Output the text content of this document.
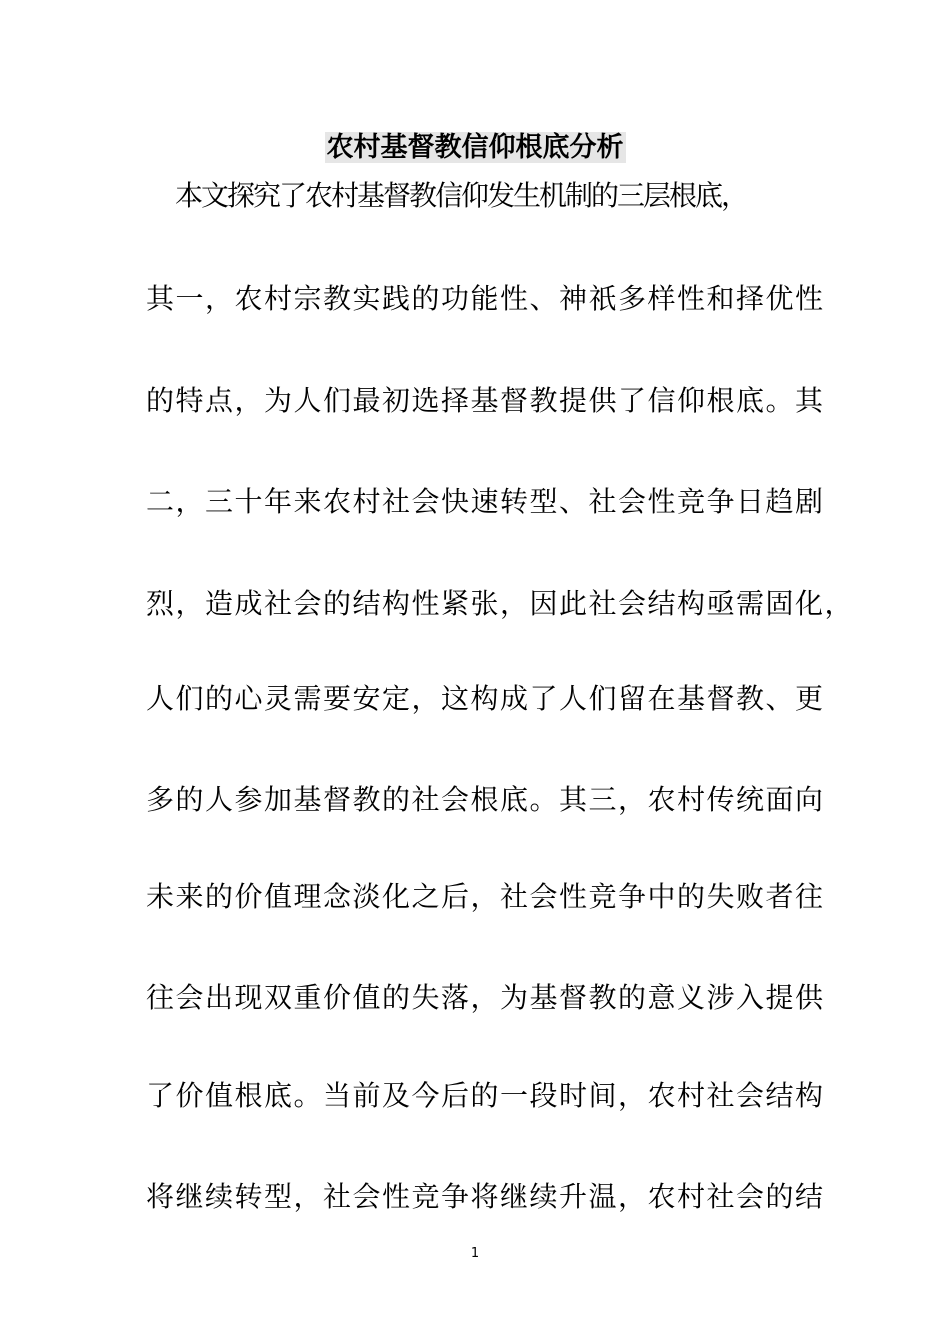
农村基督教信仰根底分析
本文探究了农村基督教信仰发生机制的三层根底，
其一，农村宗教实践的功能性、神祇多样性和择优性
的特点，为人们最初选择基督教提供了信仰根底。其
二，三十年来农村社会快速转型、社会性竞争日趋剧
烈，造成社会的结构性紧张，因此社会结构亟需固化，
人们的心灵需要安定，这构成了人们留在基督教、更
多的人参加基督教的社会根底。其三，农村传统面向
未来的价值理念淡化之后，社会性竞争中的失败者往
往会出现双重价值的失落，为基督教的意义涉入提供
了价值根底。当前及今后的一段时间，农村社会结构
将继续转型，社会性竞争将继续升温，农村社会的结
1
